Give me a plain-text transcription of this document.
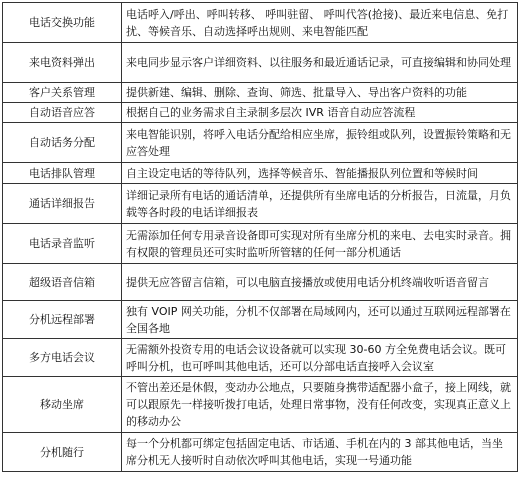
电话交换功能	电话呼入/呼出、呼叫转移、 呼叫驻留、 呼叫代答(抢接)、最近来电信息、免打扰、等候音乐、自动选择呼出规则、来电智能匹配
来电资料弹出	来电同步显示客户详细资料、以往服务和最近通话记录，可直接编辑和协同处理
客户关系管理	提供新建、编辑、删除、查询、筛选、批量导入、导出客户资料的功能
自动语音应答	根据自己的业务需求自主录制多层次 IVR 语音自动应答流程
自动话务分配	来电智能识别，将呼入电话分配给相应坐席，振铃组或队列，设置振铃策略和无应答处理
电话排队管理	自主设定电话的等待队列，选择等候音乐、智能播报队列位置和等候时间
通话详细报告	详细记录所有电话的通话清单，还提供所有坐席电话的分析报告，日流量，月负载等各时段的电话详细报表
电话录音监听	无需添加任何专用录音设备即可实现对所有坐席分机的来电、去电实时录音。拥有权限的管理员还可实时监听所管辖的任何一部分机通话
超级语音信箱	提供无应答留言信箱，可以电脑直接播放或使用电话分机终端收听语音留言
分机远程部署	独有 VOIP 网关功能，分机不仅部署在局域网内，还可以通过互联网远程部署在全国各地
多方电话会议	无需额外投资专用的电话会议设备就可以实现 30-60 方全免费电话会议。既可呼叫分机，也可呼叫其他电话，还可以分部电话直接呼入会议室
移动坐席	不管出差还是休假，变动办公地点，只要随身携带适配器小盒子，接上网线，就可以跟原先一样接听拨打电话，处理日常事物，没有任何改变，实现真正意义上的移动办公
分机随行	每一个分机都可绑定包括固定电话、市话通、手机在内的 3 部其他电话，当坐席分机无人接听时自动依次呼叫其他电话，实现一号通功能
